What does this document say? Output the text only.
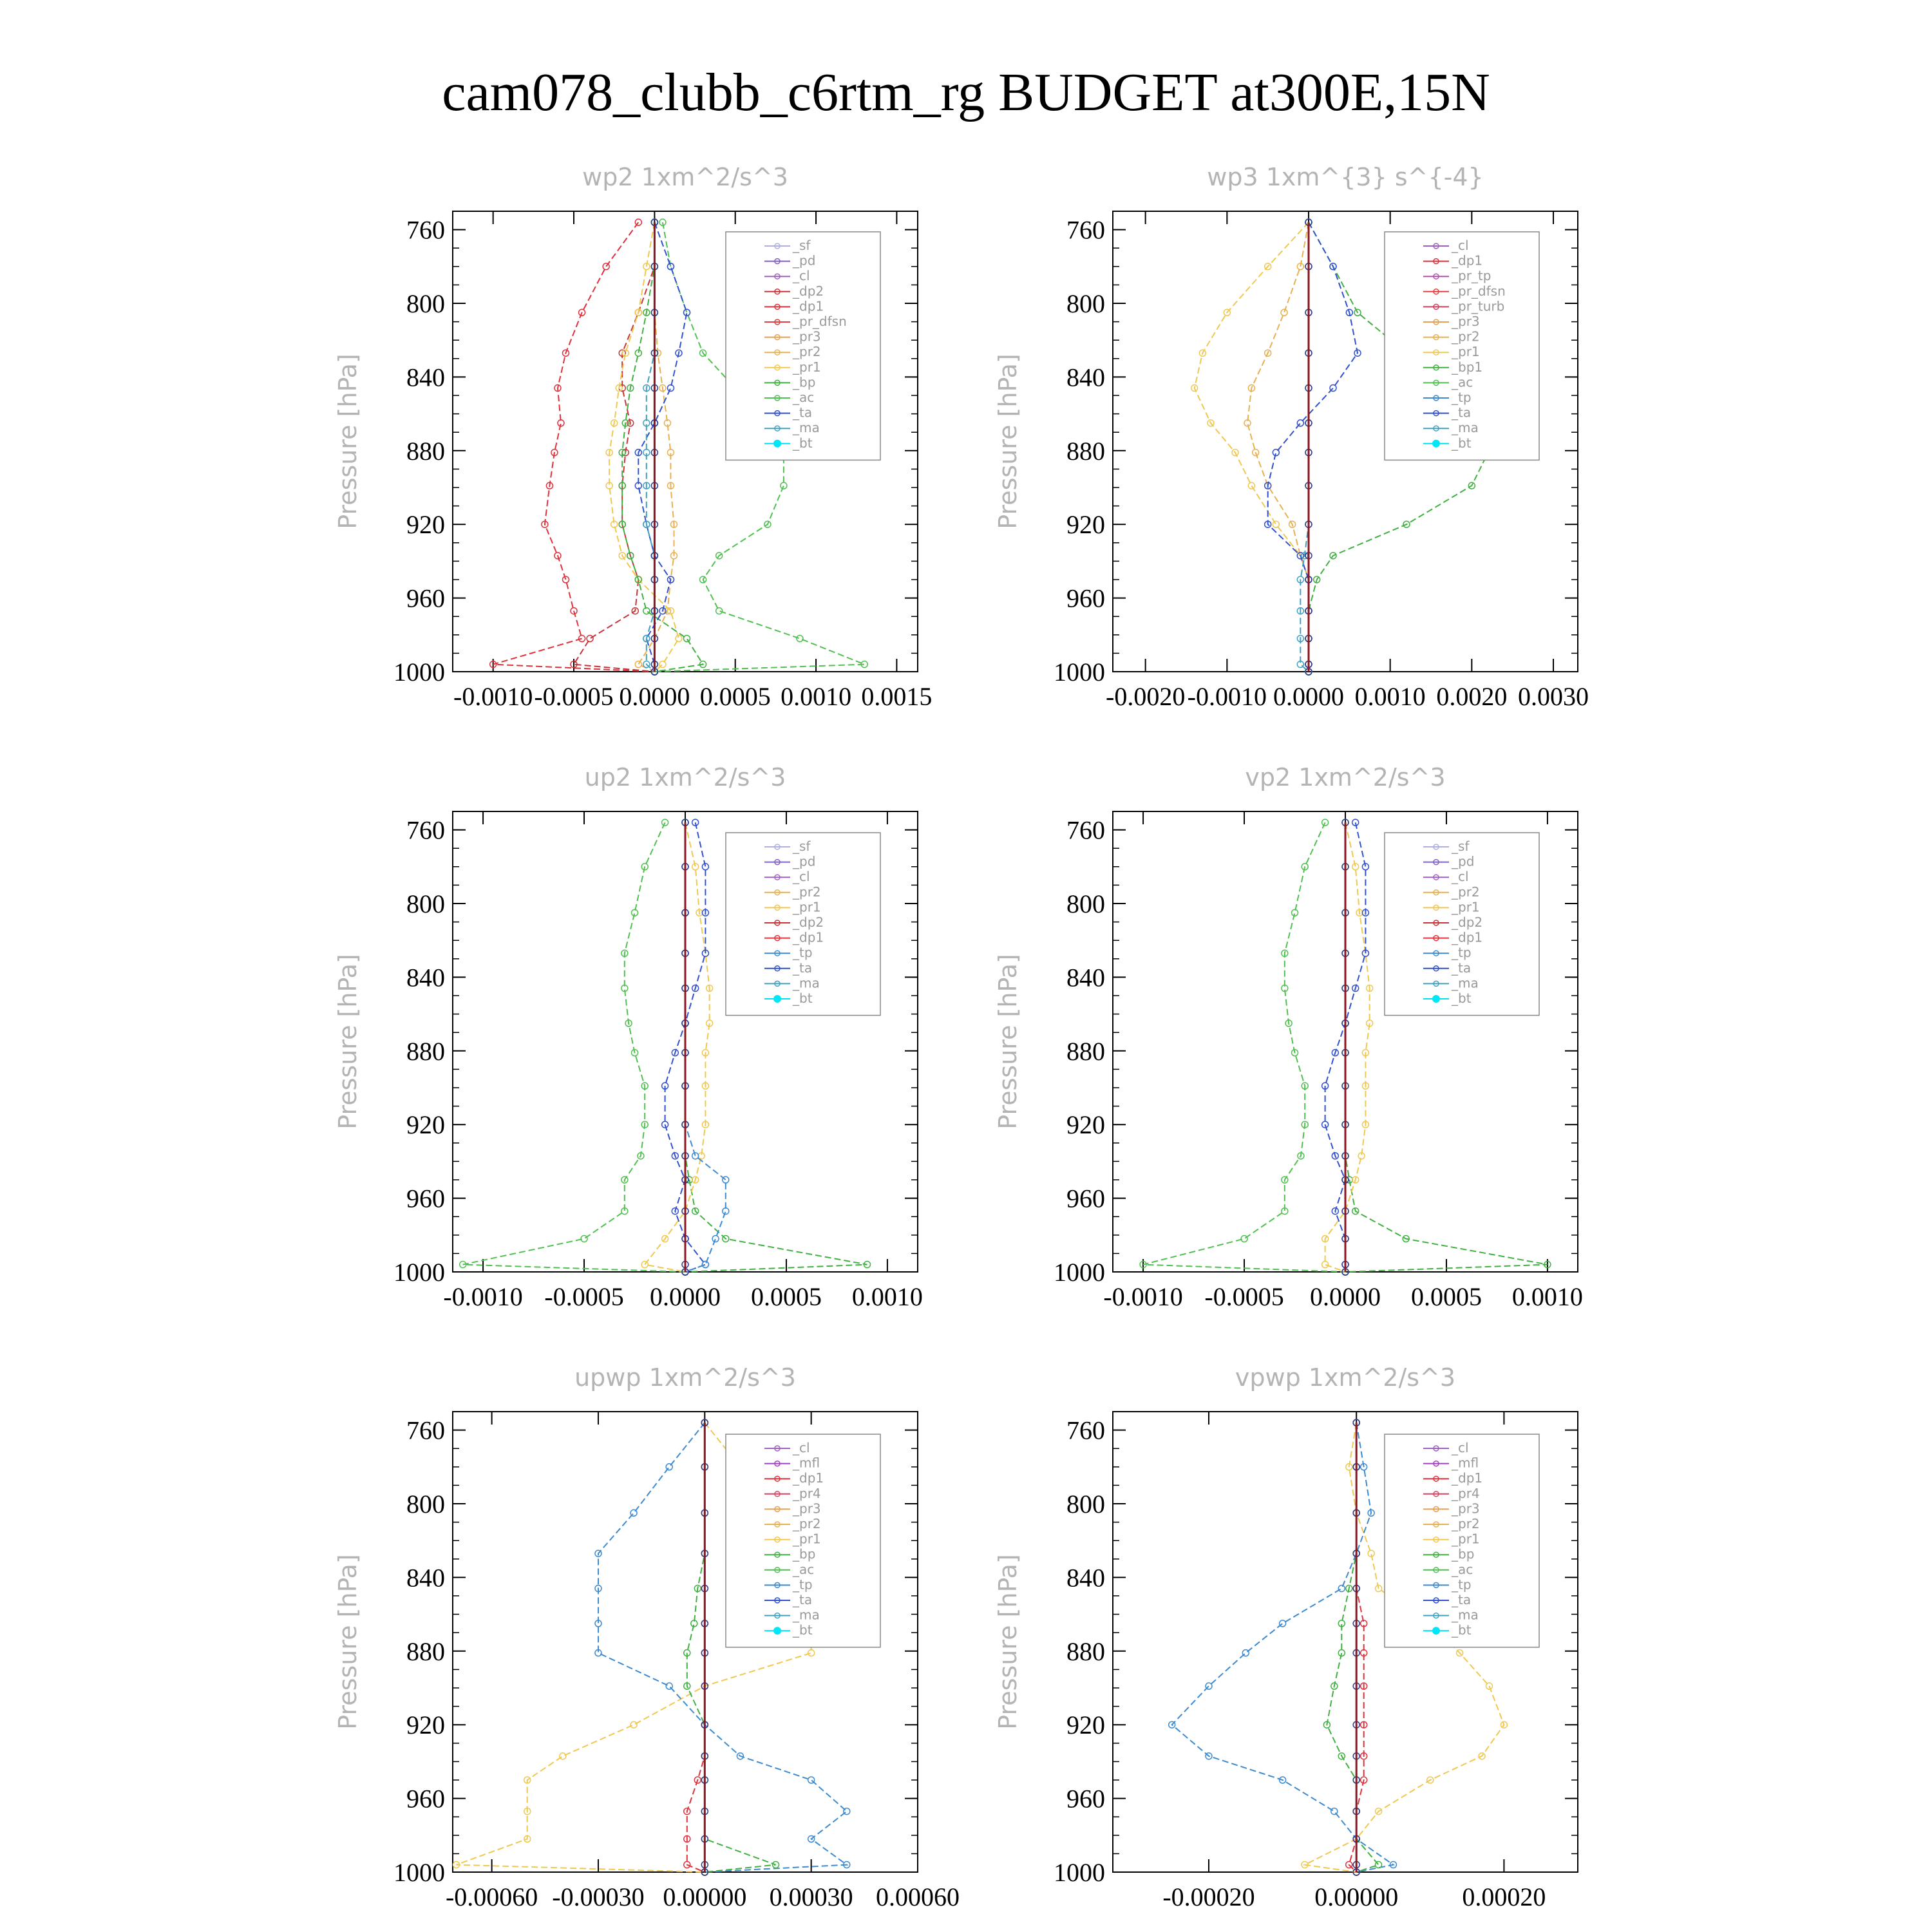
cam078_clubb_c6rtm_rg BUDGET at300E,15N
wp2 1xm^2/s^3
Pressure [hPa]
760
800
840
880
920
960
1000
-0.0010 -0.0005 0.0000 0.0005 0.0010 0.0015
_sf
_pd
_cl
_dp2
_dp1
_pr_dfsn
_pr3
_pr2
_pr1
_bp
_ac
_ta
_ma
_bt
wp3 1xm^{3} s^{-4}
Pressure [hPa]
760
800
840
880
920
960
1000
-0.0020 -0.0010 0.0000 0.0010 0.0020 0.0030
_cl
_dp1
_pr_tp
_pr_dfsn
_pr_turb
_pr3
_pr2
_pr1
_bp1
_ac
_tp
_ta
_ma
_bt
up2 1xm^2/s^3
Pressure [hPa]
760
800
840
880
920
960
1000
-0.0010 -0.0005 0.0000 0.0005 0.0010
_sf
_pd
_cl
_pr2
_pr1
_dp2
_dp1
_tp
_ta
_ma
_bt
vp2 1xm^2/s^3
Pressure [hPa]
760
800
840
880
920
960
1000
-0.0010 -0.0005 0.0000 0.0005 0.0010
_sf
_pd
_cl
_pr2
_pr1
_dp2
_dp1
_tp
_ta
_ma
_bt
upwp 1xm^2/s^3
Pressure [hPa]
760
800
840
880
920
960
1000
-0.00060 -0.00030 0.00000 0.00030 0.00060
_cl
_mfl
_dp1
_pr4
_pr3
_pr2
_pr1
_bp
_ac
_tp
_ta
_ma
_bt
vpwp 1xm^2/s^3
Pressure [hPa]
760
800
840
880
920
960
1000
-0.00020 0.00000 0.00020
_cl
_mfl
_dp1
_pr4
_pr3
_pr2
_pr1
_bp
_ac
_tp
_ta
_ma
_bt
